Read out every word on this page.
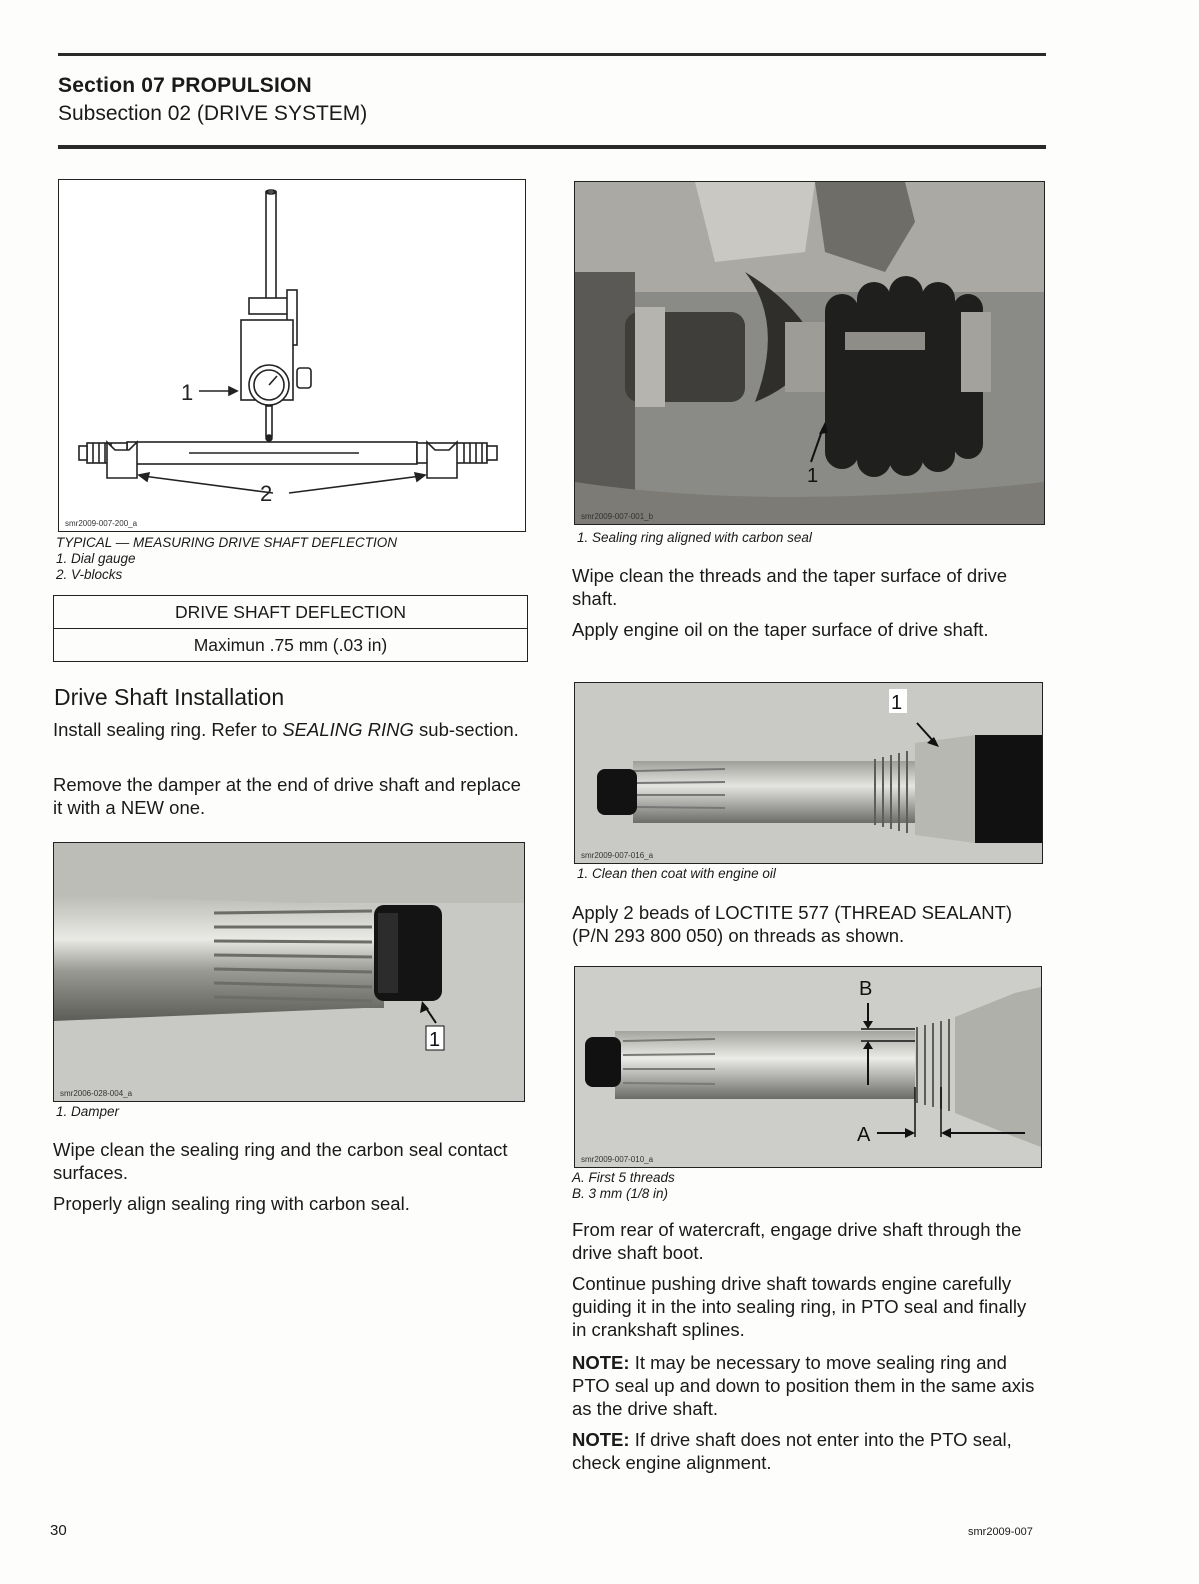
Section 07 PROPULSION
Subsection 02 (DRIVE SYSTEM)
1
2
smr2009-007-200_a
TYPICAL — MEASURING DRIVE SHAFT DEFLECTION
1. Dial gauge
2. V-blocks
DRIVE SHAFT DEFLECTION
Maximun .75 mm (.03 in)
Drive Shaft Installation
Install sealing ring. Refer to SEALING RING sub-section.
Remove the damper at the end of drive shaft and replace it with a NEW one.
1
smr2006-028-004_a
1. Damper
Wipe clean the sealing ring and the carbon seal contact surfaces.
Properly align sealing ring with carbon seal.
1
smr2009-007-001_b
1. Sealing ring aligned with carbon seal
Wipe clean the threads and the taper surface of drive shaft.
Apply engine oil on the taper surface of drive shaft.
1
smr2009-007-016_a
1. Clean then coat with engine oil
Apply 2 beads of LOCTITE 577 (THREAD SEALANT) (P/N 293 800 050) on threads as shown.
B
A
smr2009-007-010_a
A. First 5 threads
B. 3 mm (1/8 in)
From rear of watercraft, engage drive shaft through the drive shaft boot.
Continue pushing drive shaft towards engine carefully guiding it in the into sealing ring, in PTO seal and finally in crankshaft splines.
NOTE: It may be necessary to move sealing ring and PTO seal up and down to position them in the same axis as the drive shaft.
NOTE: If drive shaft does not enter into the PTO seal, check engine alignment.
30	smr2009-007
